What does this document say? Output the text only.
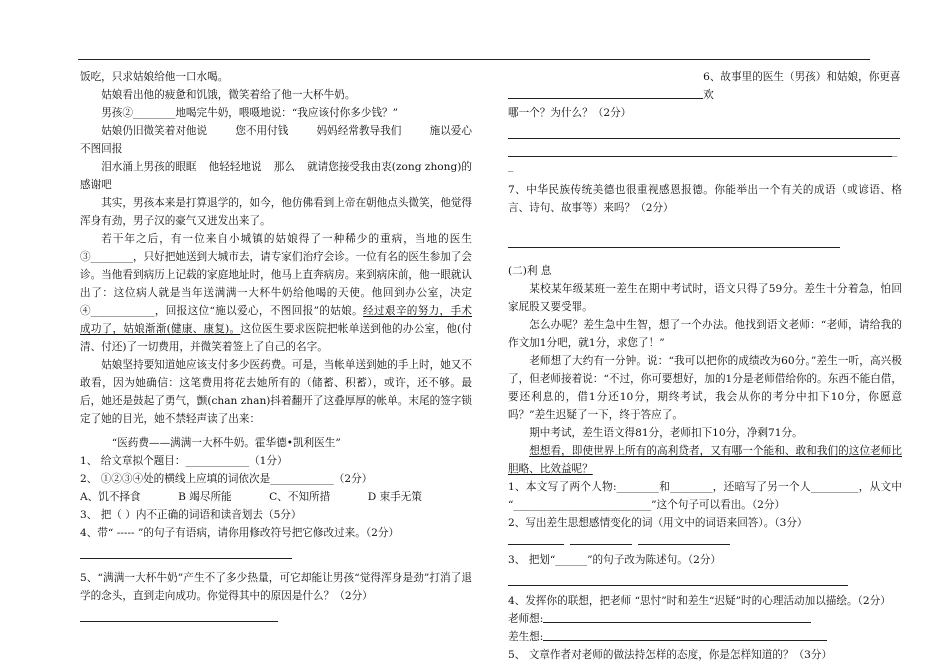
饭吃，只求姑娘给他一口水喝。

姑娘看出他的疲惫和饥饿，微笑着给了他一大杯牛奶。

男孩②________地喝完牛奶，喂嗫地说：“我应该付你多少钱？”

姑娘仍旧微笑着对他说	您不用付钱	妈妈经常教导我们	施以爱心

不图回报

泪水涌上男孩的眼眶 他轻轻地说 那么 就请您接受我由衷(zong zhong)的

感谢吧

其实，男孩本来是打算退学的，如今，他仿佛看到上帝在朝他点头微笑，他觉得浑身有劲，男子汉的豪气又迸发出来了。

若干年之后，有一位来自小城镇的姑娘得了一种稀少的重病，当地的医生③________，只好把她送到大城市去，请专家们治疗会诊。一位有名的医生参加了会诊。当他看到病历上记载的家庭地址时，他马上直奔病房。来到病床前，他一眼就认出了：这位病人就是当年送满满一大杯牛奶给他喝的天使。他回到办公室，决定④____________，回报这位“施以爱心，不图回报”的姑娘。经过艰辛的努力，手术成功了，姑娘渐渐(健康、康复)。这位医生要求医院把帐单送到他的办公室，他(付清、付还)了一切费用，并微笑着签上了自己的名字。

姑娘坚持要知道她应该支付多少医药费。可是，当帐单送到她的手上时，她又不敢看，因为她确信：这笔费用将花去她所有的（储蓄、积蓄），或许，还不够。最后，她还是鼓起了勇气，颤(chan zhan)抖着翻开了这叠厚厚的帐单。末尾的签字锁定了她的目光，她不禁轻声读了出来：

“医药费——满满一大杯牛奶。霍华德•凯利医生”

1、 给文章拟个题目：____________（1分）

2、 ①②③④处的横线上应填的词依次是____________（2分）

A、饥不择食	B 竭尽所能	C、不知所措	D 束手无策

3、 把（ ）内不正确的词语和读音划去（5分）

4、带“ ----- ”的句子有语病，请你用修改符号把它修改过来。（2分）

5、“满满一大杯牛奶”产生不了多少热量，可它却能让男孩“觉得浑身是劲”打消了退学的念头，直到走向成功。你觉得其中的原因是什么？（2分）

6、故事里的医生（男孩）和姑娘，你更喜欢

哪一个？为什么？（2分）

_

_

7、中华民族传统美德也很重视感恩报德。你能举出一个有关的成语（或谚语、格言、诗句、故事等）来吗？（2分）

(二)利 息

某校某年级某班一差生在期中考试时，语文只得了59分。差生十分着急，怕回家屁股又要受罪。

怎么办呢？差生急中生智，想了一个办法。他找到语文老师：“老师，请给我的作文加1分吧，就1分，求您了！”

老师想了大约有一分钟。说：“我可以把你的成绩改为60分。”差生一听，高兴极了，但老师接着说：“不过，你可要想好，加的1分是老师借给你的。东西不能白借，要还利息的，借1分还10分，期终考试，我会从你的考分中扣下10分，你愿意吗？”差生迟疑了一下，终于答应了。

期中考试，差生语文得81分，老师扣下10分，净剩71分。

想想看，即使世界上所有的高利贷者，又有哪一个能和、敢和我们的这位老师比胆略、比效益呢？

1、本文写了两个人物:________和________，还暗写了另一个人_________，从文中 “__________________________”这个句子可以看出。（2分）

2、写出差生思想感情变化的词（用文中的词语来回答）。（3分）

3、 把划“______”的句子改为陈述句。（2分）

4、发挥你的联想，把老师 “思忖”时和差生“迟疑”时的心理活动加以描绘。（2分）

老师想:
差生想:

5、 文章作者对老师的做法持怎样的态度，你是怎样知道的？（3分）
